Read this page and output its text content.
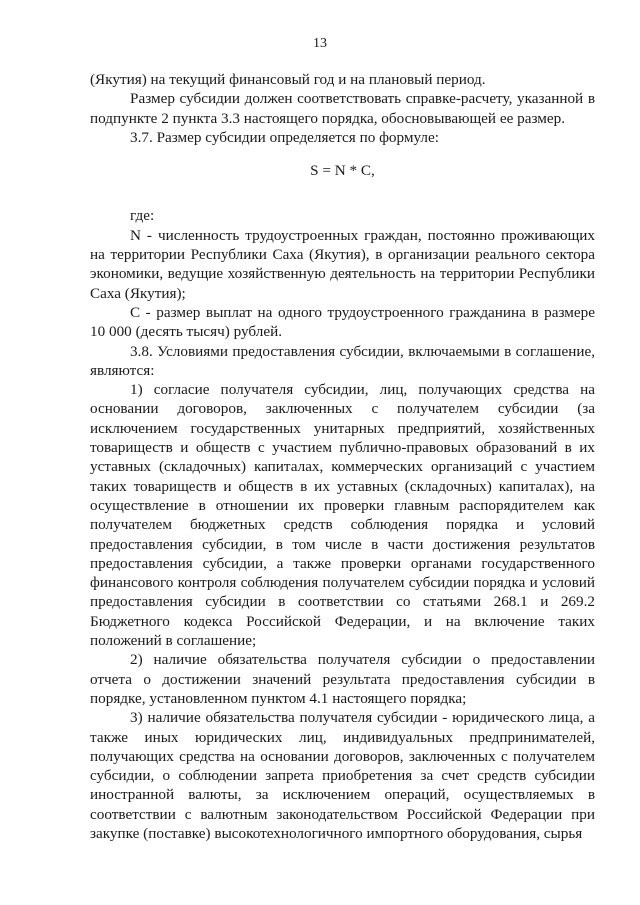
13

(Якутия) на текущий финансовый год и на плановый период.

Размер субсидии должен соответствовать справке-расчету, указанной в подпункте 2 пункта 3.3 настоящего порядка, обосновывающей ее размер.

3.7. Размер субсидии определяется по формуле:

S = N * C,

где:

N - численность трудоустроенных граждан, постоянно проживающих на территории Республики Саха (Якутия), в организации реального сектора экономики, ведущие хозяйственную деятельность на территории Республики Саха (Якутия);

C - размер выплат на одного трудоустроенного гражданина в размере 10 000 (десять тысяч) рублей.

3.8. Условиями предоставления субсидии, включаемыми в соглашение, являются:

1) согласие получателя субсидии, лиц, получающих средства на основании договоров, заключенных с получателем субсидии (за исключением государственных унитарных предприятий, хозяйственных товариществ и обществ с участием публично-правовых образований в их уставных (складочных) капиталах, коммерческих организаций с участием таких товариществ и обществ в их уставных (складочных) капиталах), на осуществление в отношении их проверки главным распорядителем как получателем бюджетных средств соблюдения порядка и условий предоставления субсидии, в том числе в части достижения результатов предоставления субсидии, а также проверки органами государственного финансового контроля соблюдения получателем субсидии порядка и условий предоставления субсидии в соответствии со статьями 268.1 и 269.2 Бюджетного кодекса Российской Федерации, и на включение таких положений в соглашение;

2) наличие обязательства получателя субсидии о предоставлении отчета о достижении значений результата предоставления субсидии в порядке, установленном пунктом 4.1 настоящего порядка;

3) наличие обязательства получателя субсидии - юридического лица, а также иных юридических лиц, индивидуальных предпринимателей, получающих средства на основании договоров, заключенных с получателем субсидии, о соблюдении запрета приобретения за счет средств субсидии иностранной валюты, за исключением операций, осуществляемых в соответствии с валютным законодательством Российской Федерации при закупке (поставке) высокотехнологичного импортного оборудования, сырья
